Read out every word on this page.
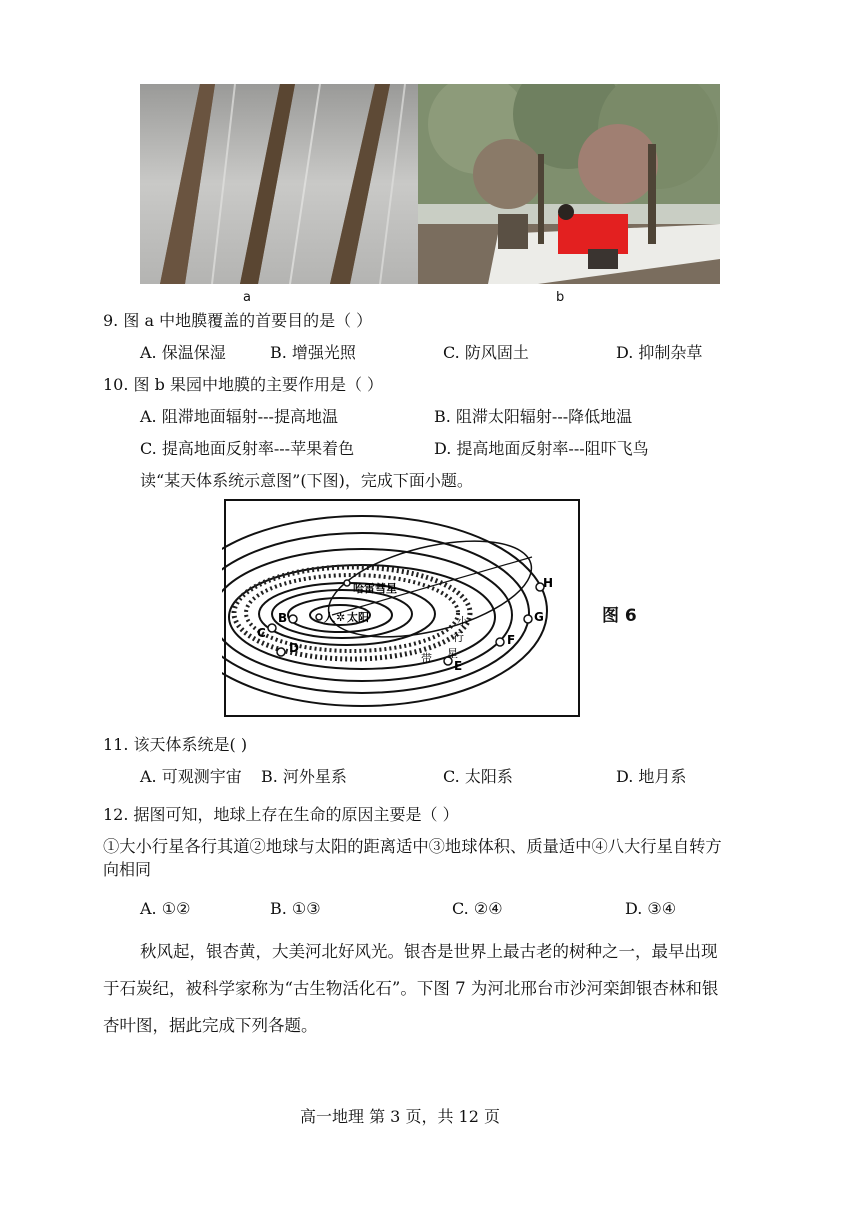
a	b
9. 图 a 中地膜覆盖的首要目的是（ ）
A. 保温保湿	B. 增强光照	C. 防风固土	D. 抑制杂草
10. 图 b 果园中地膜的主要作用是（ ）
A. 阻滞地面辐射---提高地温	B. 阻滞太阳辐射---降低地温
C. 提高地面反射率---苹果着色	D. 提高地面反射率---阻吓飞鸟
读“某天体系统示意图”(下图)，完成下面小题。
人 ✲ 太阳
哈雷彗星
B
C
D
E
F
G
H
小
行
带 星
图 6
11. 该天体系统是( )
A. 可观测宇宙 B. 河外星系	C. 太阳系	D. 地月系
12. 据图可知，地球上存在生命的原因主要是（ ）
①大小行星各行其道②地球与太阳的距离适中③地球体积、质量适中④八大行星自转方
向相同
A. ①②	B. ①③	C. ②④	D. ③④
秋风起，银杏黄，大美河北好风光。银杏是世界上最古老的树种之一，最早出现
于石炭纪，被科学家称为“古生物活化石”。下图 7 为河北邢台市沙河栾卸银杏林和银
杏叶图，据此完成下列各题。
高一地理 第 3 页，共 12 页
